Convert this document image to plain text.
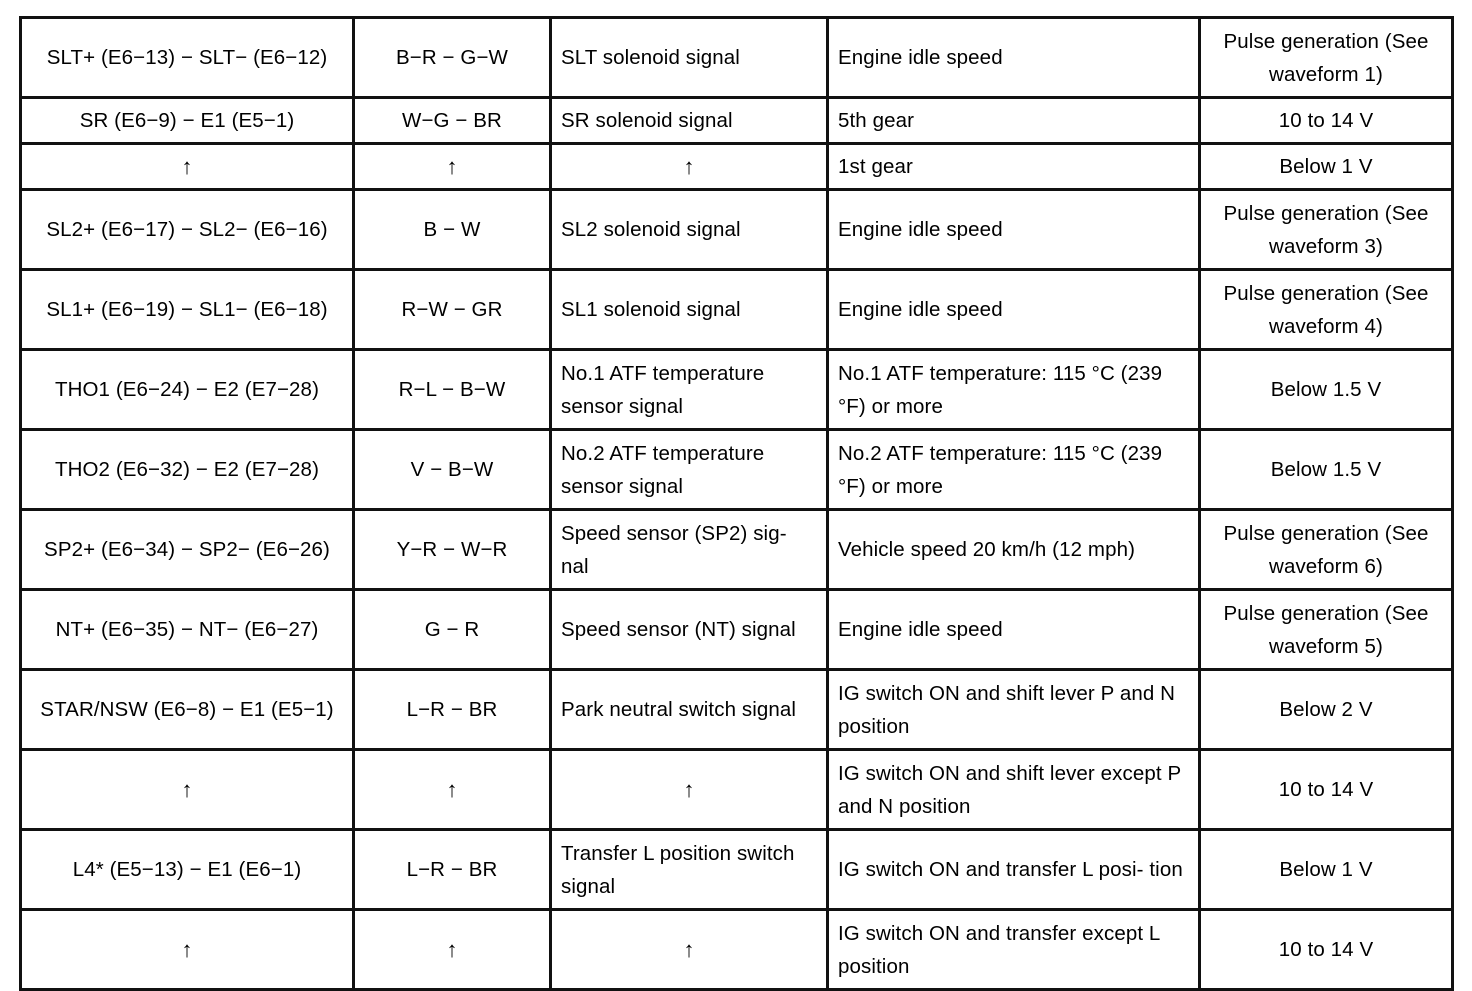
SLT+ (E6−13) − SLT− (E6−12)	B−R − G−W	SLT solenoid signal	Engine idle speed	Pulse generation (See waveform 1)
SR (E6−9) − E1 (E5−1)	W−G − BR	SR solenoid signal	5th gear	10 to 14 V
↑	↑	↑	1st gear	Below 1 V
SL2+ (E6−17) − SL2− (E6−16)	B − W	SL2 solenoid signal	Engine idle speed	Pulse generation (See waveform 3)
SL1+ (E6−19) − SL1− (E6−18)	R−W − GR	SL1 solenoid signal	Engine idle speed	Pulse generation (See waveform 4)
THO1 (E6−24) − E2 (E7−28)	R−L − B−W	No.1 ATF temperature sensor signal	No.1 ATF temperature: 115 °C (239 °F) or more	Below 1.5 V
THO2 (E6−32) − E2 (E7−28)	V − B−W	No.2 ATF temperature sensor signal	No.2 ATF temperature: 115 °C (239 °F) or more	Below 1.5 V
SP2+ (E6−34) − SP2− (E6−26)	Y−R − W−R	Speed sensor (SP2) sig- nal	Vehicle speed 20 km/h (12 mph)	Pulse generation (See waveform 6)
NT+ (E6−35) − NT− (E6−27)	G − R	Speed sensor (NT) signal	Engine idle speed	Pulse generation (See waveform 5)
STAR/NSW (E6−8) − E1 (E5−1)	L−R − BR	Park neutral switch signal	IG switch ON and shift lever P and N position	Below 2 V
↑	↑	↑	IG switch ON and shift lever except P and N position	10 to 14 V
L4* (E5−13) − E1 (E6−1)	L−R − BR	Transfer L position switch signal	IG switch ON and transfer L posi- tion	Below 1 V
↑	↑	↑	IG switch ON and transfer except L position	10 to 14 V
